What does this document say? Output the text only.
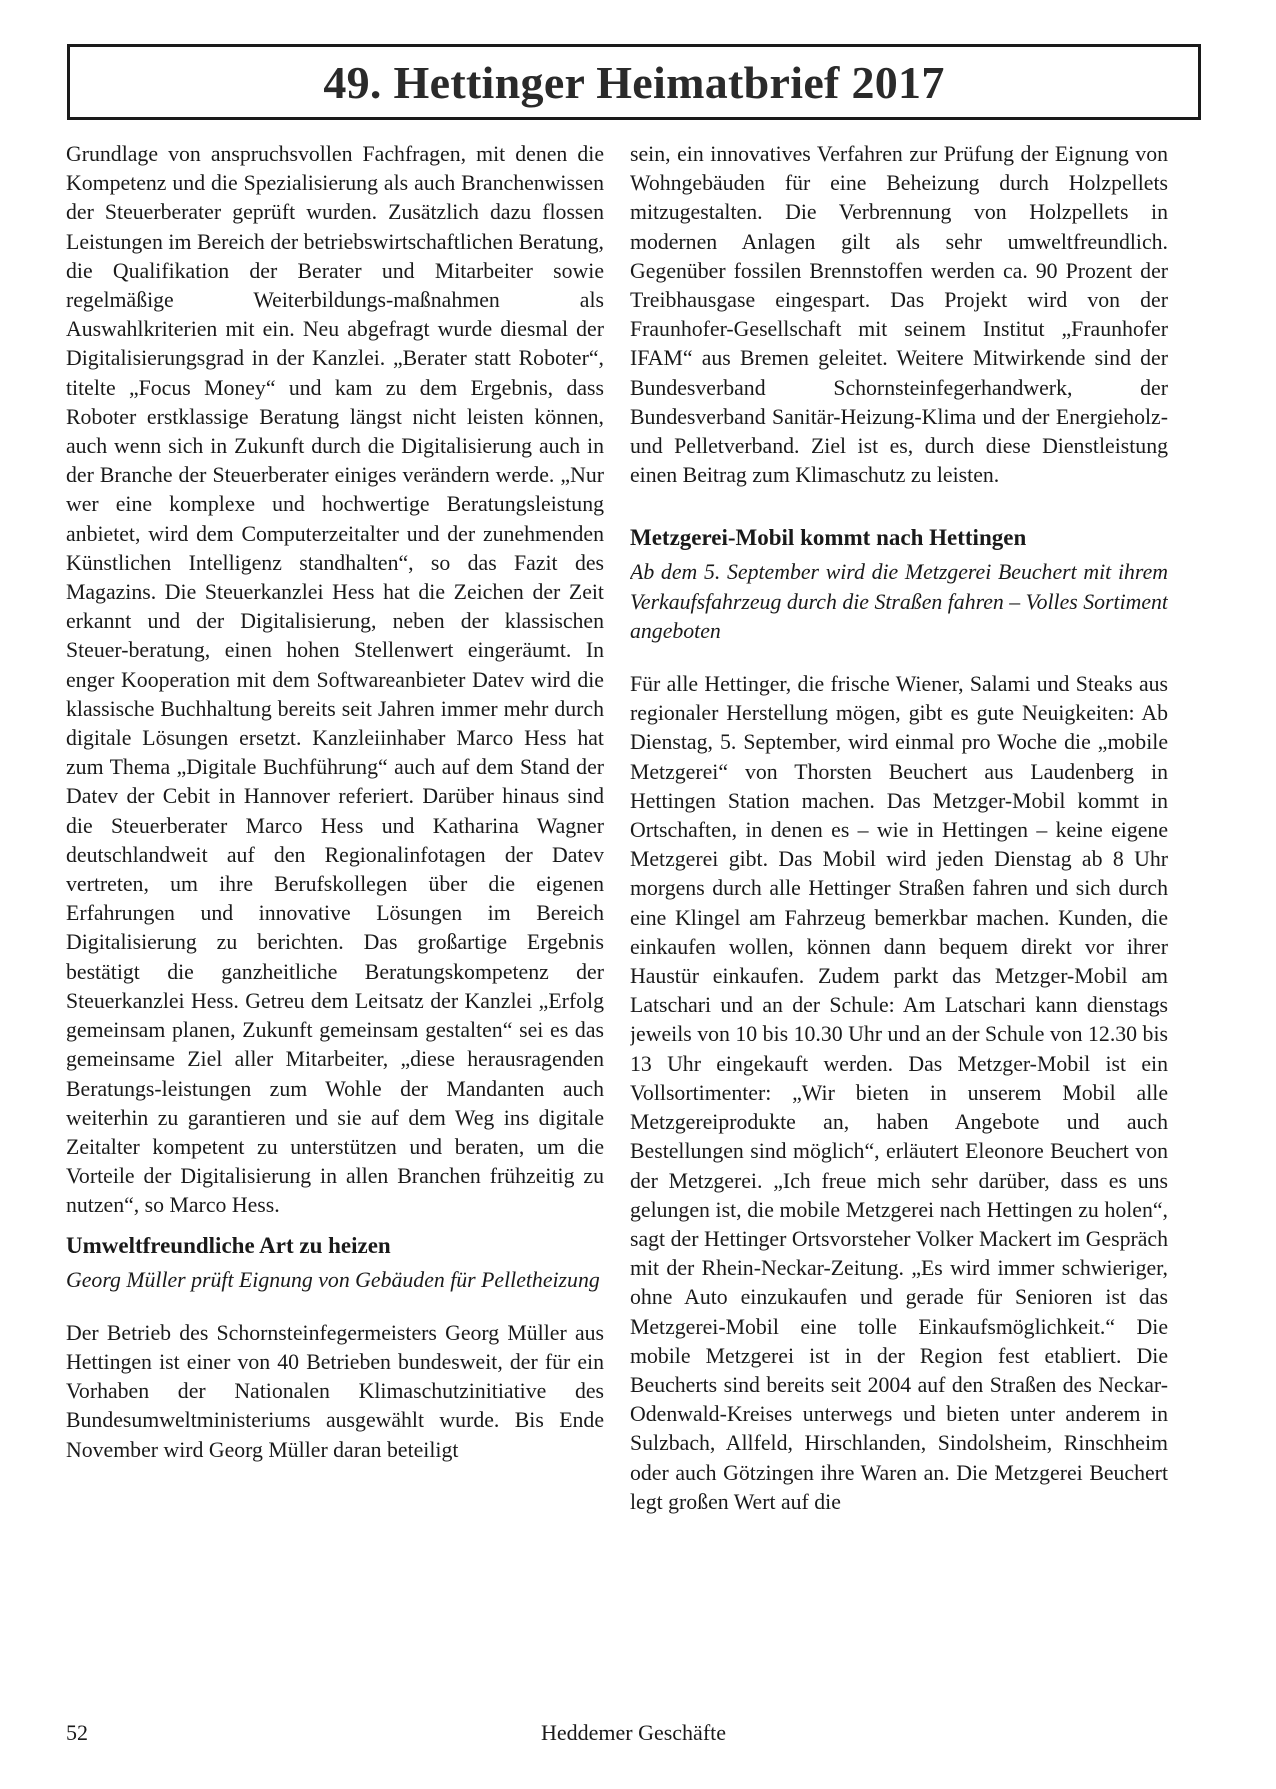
49. Hettinger Heimatbrief 2017

Grundlage von anspruchsvollen Fachfragen, mit denen die Kompetenz und die Spezialisierung als auch Branchenwissen der Steuerberater geprüft wurden. Zusätzlich dazu flossen Leistungen im Bereich der betriebswirtschaftlichen Beratung, die Qualifikation der Berater und Mitarbeiter sowie regelmäßige Weiterbildungs-maßnahmen als Auswahlkriterien mit ein. Neu abgefragt wurde diesmal der Digitalisierungsgrad in der Kanzlei. „Berater statt Roboter“, titelte „Focus Money“ und kam zu dem Ergebnis, dass Roboter erstklassige Beratung längst nicht leisten können, auch wenn sich in Zukunft durch die Digitalisierung auch in der Branche der Steuerberater einiges verändern werde. „Nur wer eine komplexe und hochwertige Beratungsleistung anbietet, wird dem Computerzeitalter und der zunehmenden Künstlichen Intelligenz standhalten“, so das Fazit des Magazins. Die Steuerkanzlei Hess hat die Zeichen der Zeit erkannt und der Digitalisierung, neben der klassischen Steuer-beratung, einen hohen Stellenwert eingeräumt. In enger Kooperation mit dem Softwareanbieter Datev wird die klassische Buchhaltung bereits seit Jahren immer mehr durch digitale Lösungen ersetzt. Kanzleiinhaber Marco Hess hat zum Thema „Digitale Buchführung“ auch auf dem Stand der Datev der Cebit in Hannover referiert. Darüber hinaus sind die Steuerberater Marco Hess und Katharina Wagner deutschlandweit auf den Regionalinfotagen der Datev vertreten, um ihre Berufskollegen über die eigenen Erfahrungen und innovative Lösungen im Bereich Digitalisierung zu berichten. Das großartige Ergebnis bestätigt die ganzheitliche Beratungskompetenz der Steuerkanzlei Hess. Getreu dem Leitsatz der Kanzlei „Erfolg gemeinsam planen, Zukunft gemeinsam gestalten“ sei es das gemeinsame Ziel aller Mitarbeiter, „diese herausragenden Beratungs-leistungen zum Wohle der Mandanten auch weiterhin zu garantieren und sie auf dem Weg ins digitale Zeitalter kompetent zu unterstützen und beraten, um die Vorteile der Digitalisierung in allen Branchen frühzeitig zu nutzen“, so Marco Hess.

Umweltfreundliche Art zu heizen

Georg Müller prüft Eignung von Gebäuden für Pelletheizung

Der Betrieb des Schornsteinfegermeisters Georg Müller aus Hettingen ist einer von 40 Betrieben bundesweit, der für ein Vorhaben der Nationalen Klimaschutzinitiative des Bundesumweltministeriums ausgewählt wurde. Bis Ende November wird Georg Müller daran beteiligt

sein, ein innovatives Verfahren zur Prüfung der Eignung von Wohngebäuden für eine Beheizung durch Holzpellets mitzugestalten. Die Verbrennung von Holzpellets in modernen Anlagen gilt als sehr umweltfreundlich. Gegenüber fossilen Brennstoffen werden ca. 90 Prozent der Treibhausgase eingespart. Das Projekt wird von der Fraunhofer-Gesellschaft mit seinem Institut „Fraunhofer IFAM“ aus Bremen geleitet. Weitere Mitwirkende sind der Bundesverband Schornsteinfegerhandwerk, der Bundesverband Sanitär-Heizung-Klima und der Energieholz- und Pelletverband. Ziel ist es, durch diese Dienstleistung einen Beitrag zum Klimaschutz zu leisten.

Metzgerei-Mobil kommt nach Hettingen

Ab dem 5. September wird die Metzgerei Beuchert mit ihrem Verkaufsfahrzeug durch die Straßen fahren – Volles Sortiment angeboten

Für alle Hettinger, die frische Wiener, Salami und Steaks aus regionaler Herstellung mögen, gibt es gute Neuigkeiten: Ab Dienstag, 5. September, wird einmal pro Woche die „mobile Metzgerei“ von Thorsten Beuchert aus Laudenberg in Hettingen Station machen. Das Metzger-Mobil kommt in Ortschaften, in denen es – wie in Hettingen – keine eigene Metzgerei gibt. Das Mobil wird jeden Dienstag ab 8 Uhr morgens durch alle Hettinger Straßen fahren und sich durch eine Klingel am Fahrzeug bemerkbar machen. Kunden, die einkaufen wollen, können dann bequem direkt vor ihrer Haustür einkaufen. Zudem parkt das Metzger-Mobil am Latschari und an der Schule: Am Latschari kann dienstags jeweils von 10 bis 10.30 Uhr und an der Schule von 12.30 bis 13 Uhr eingekauft werden. Das Metzger-Mobil ist ein Vollsortimenter: „Wir bieten in unserem Mobil alle Metzgereiprodukte an, haben Angebote und auch Bestellungen sind möglich“, erläutert Eleonore Beuchert von der Metzgerei. „Ich freue mich sehr darüber, dass es uns gelungen ist, die mobile Metzgerei nach Hettingen zu holen“, sagt der Hettinger Ortsvorsteher Volker Mackert im Gespräch mit der Rhein-Neckar-Zeitung. „Es wird immer schwieriger, ohne Auto einzukaufen und gerade für Senioren ist das Metzgerei-Mobil eine tolle Einkaufsmöglichkeit.“ Die mobile Metzgerei ist in der Region fest etabliert. Die Beucherts sind bereits seit 2004 auf den Straßen des Neckar-Odenwald-Kreises unterwegs und bieten unter anderem in Sulzbach, Allfeld, Hirschlanden, Sindolsheim, Rinschheim oder auch Götzingen ihre Waren an. Die Metzgerei Beuchert legt großen Wert auf die

52	Heddemer Geschäfte
